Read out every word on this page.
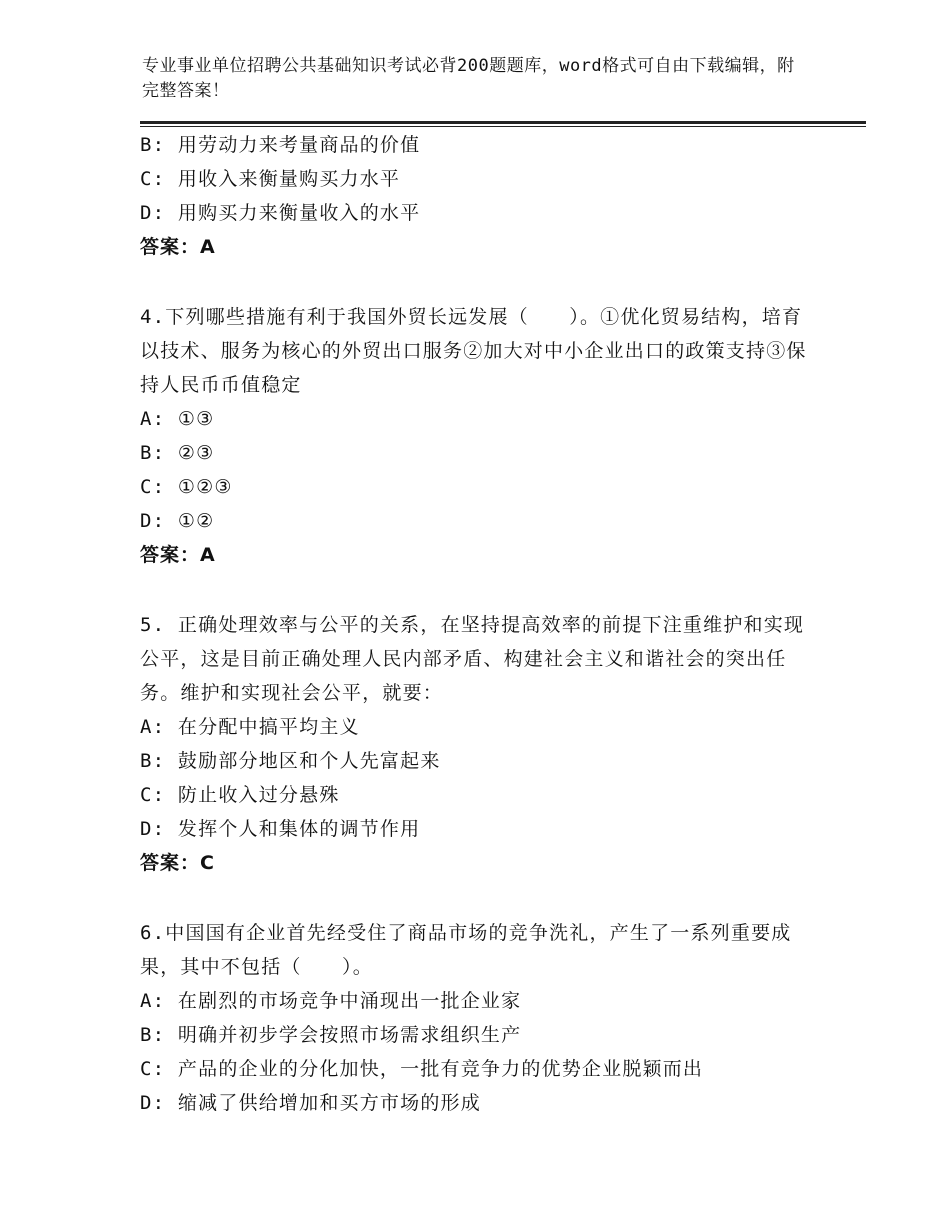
专业事业单位招聘公共基础知识考试必背200题题库，word格式可自由下载编辑，附完整答案！
B: 用劳动力来考量商品的价值
C: 用收入来衡量购买力水平
D: 用购买力来衡量收入的水平
答案：A
4.下列哪些措施有利于我国外贸长远发展（　　）。①优化贸易结构，培育以技术、服务为核心的外贸出口服务②加大对中小企业出口的政策支持③保持人民币币值稳定
A: ①③
B: ②③
C: ①②③
D: ①②
答案：A
5. 正确处理效率与公平的关系，在坚持提高效率的前提下注重维护和实现公平，这是目前正确处理人民内部矛盾、构建社会主义和谐社会的突出任务。维护和实现社会公平，就要：
A: 在分配中搞平均主义
B: 鼓励部分地区和个人先富起来
C: 防止收入过分悬殊
D: 发挥个人和集体的调节作用
答案：C
6.中国国有企业首先经受住了商品市场的竞争洗礼，产生了一系列重要成果，其中不包括（　　）。
A: 在剧烈的市场竞争中涌现出一批企业家
B: 明确并初步学会按照市场需求组织生产
C: 产品的企业的分化加快，一批有竞争力的优势企业脱颖而出
D: 缩减了供给增加和买方市场的形成
